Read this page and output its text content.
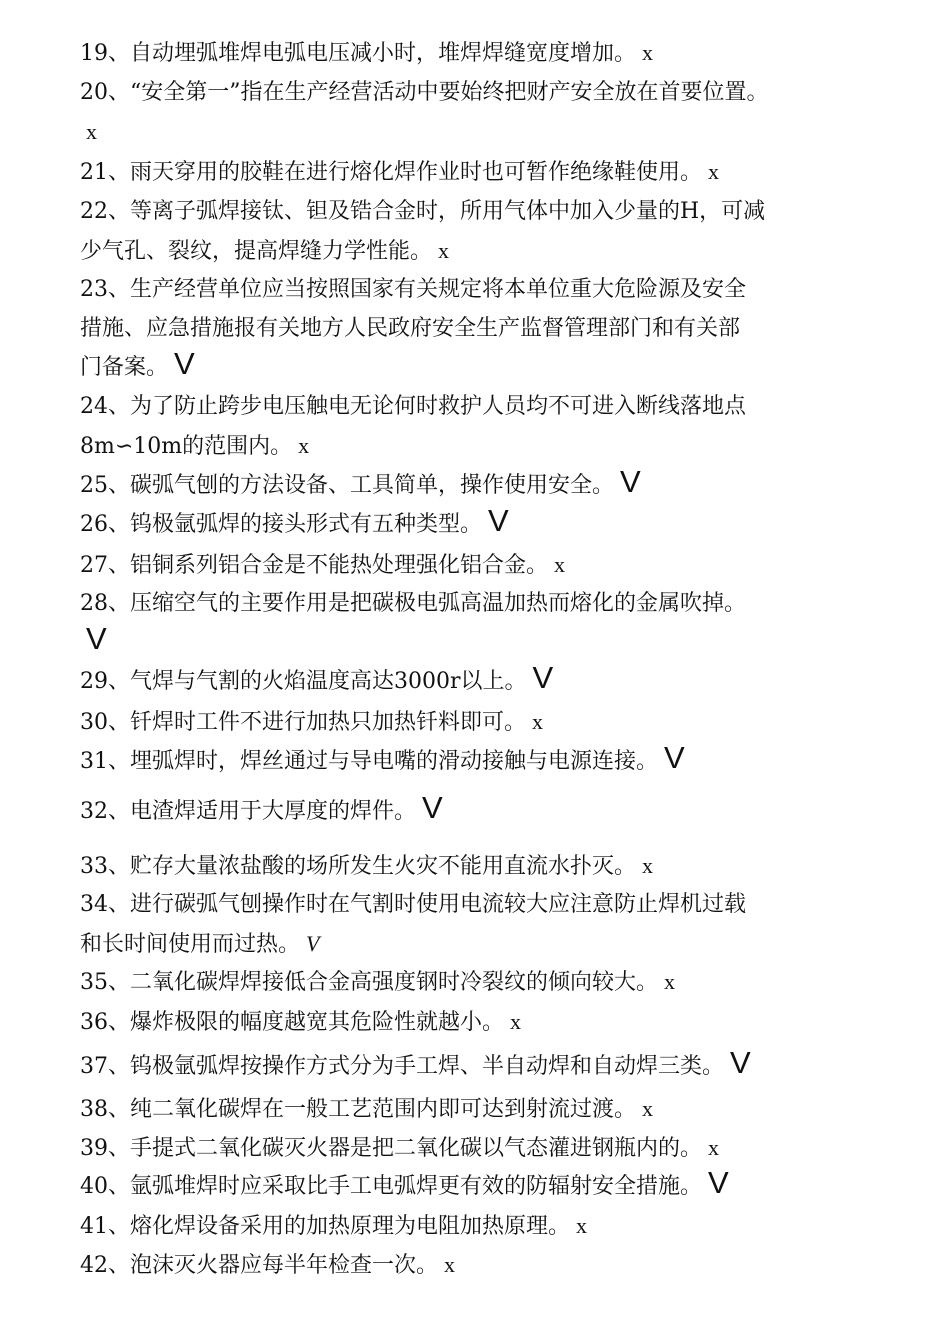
19、自动埋弧堆焊电弧电压减小时，堆焊焊缝宽度增加。 x
20、“安全第一”指在生产经营活动中要始终把财产安全放在首要位置。
x
21、雨天穿用的胶鞋在进行熔化焊作业时也可暂作绝缘鞋使用。 x
22、等离子弧焊接钛、钽及锆合金时，所用气体中加入少量的H，可减
少气孔、裂纹，提高焊缝力学性能。 x
23、生产经营单位应当按照国家有关规定将本单位重大危险源及安全
措施、应急措施报有关地方人民政府安全生产监督管理部门和有关部
门备案。 V
24、为了防止跨步电压触电无论何时救护人员均不可进入断线落地点
8m∽10m的范围内。 x
25、碳弧气刨的方法设备、工具简单，操作使用安全。 V
26、钨极氩弧焊的接头形式有五种类型。 V
27、铝铜系列铝合金是不能热处理强化铝合金。 x
28、压缩空气的主要作用是把碳极电弧高温加热而熔化的金属吹掉。
V
29、气焊与气割的火焰温度高达3000r以上。 V
30、钎焊时工件不进行加热只加热钎料即可。 x
31、埋弧焊时，焊丝通过与导电嘴的滑动接触与电源连接。 V
32、电渣焊适用于大厚度的焊件。 V
33、贮存大量浓盐酸的场所发生火灾不能用直流水扑灭。 x
34、进行碳弧气刨操作时在气割时使用电流较大应注意防止焊机过载
和长时间使用而过热。 V
35、二氧化碳焊焊接低合金高强度钢时冷裂纹的倾向较大。 x
36、爆炸极限的幅度越宽其危险性就越小。 x
37、钨极氩弧焊按操作方式分为手工焊、半自动焊和自动焊三类。 V
38、纯二氧化碳焊在一般工艺范围内即可达到射流过渡。 x
39、手提式二氧化碳灭火器是把二氧化碳以气态灌进钢瓶内的。 x
40、氩弧堆焊时应采取比手工电弧焊更有效的防辐射安全措施。 V
41、熔化焊设备采用的加热原理为电阻加热原理。 x
42、泡沫灭火器应每半年检查一次。 x
